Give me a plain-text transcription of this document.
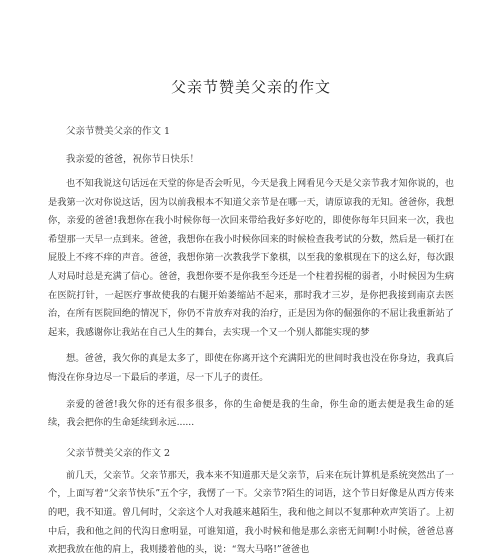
父亲节赞美父亲的作文
父亲节赞美父亲的作文 1
我亲爱的爸爸，祝你节日快乐！

也不知我说这句话远在天堂的你是否会听见，今天是我上网看见今天是父亲节我才知你说的，也是我第一次对你说这话，因为以前我根本不知道父亲节是在哪一天，请原谅我的无知。爸爸你，我想你，亲爱的爸爸!我想你在我小时候你每一次回来带给我好多好吃的，即使你每年只回来一次，我也希望那一天早一点到来。爸爸，我想你在我小时候你回来的时候检查我考试的分数，然后是一顿打在屁股上不疼不痒的声音。爸爸，我想你第一次教我学下象棋，以至我的象棋现在下的这么好，每次跟人对局时总是充满了信心。爸爸，我想你要不是你我至今还是一个柱着拐棍的弱者，小时候因为生病在医院打针，一起医疗事故使我的右腿开始萎缩站不起来，那时我才三岁，是你把我接到南京去医治，在所有医院回绝的情况下，你仍不肯放弃对我的治疗，正是因为你的倔强你的不屈让我重新站了起来，我感谢你让我站在自己人生的舞台，去实现一个又一个别人都能实现的梦

想。爸爸，我欠你的真是太多了，即使在你离开这个充满阳光的世间时我也没在你身边，我真后悔没在你身边尽一下最后的孝道，尽一下儿子的责任。

亲爱的爸爸!我欠你的还有很多很多，你的生命便是我的生命，你生命的逝去便是我生命的延续，我会把你的生命延续到永远......

父亲节赞美父亲的作文 2

前几天，父亲节。父亲节那天，我本来不知道那天是父亲节，后来在玩计算机是系统突然出了一个，上面写着“父亲节快乐”五个字，我愣了一下。父亲节?陌生的词语，这个节日好像是从西方传来的吧，我不知道。曾几何时，父亲这个人对我越来越陌生，我和他之间以不复那种欢声笑语了。上初中后，我和他之间的代沟日愈明显，可谁知道，我小时候和他是那么亲密无间啊!小时候，爸爸总喜欢把我放在他的肩上，我则搂着他的头，说：“驾大马咯!”爸爸也
